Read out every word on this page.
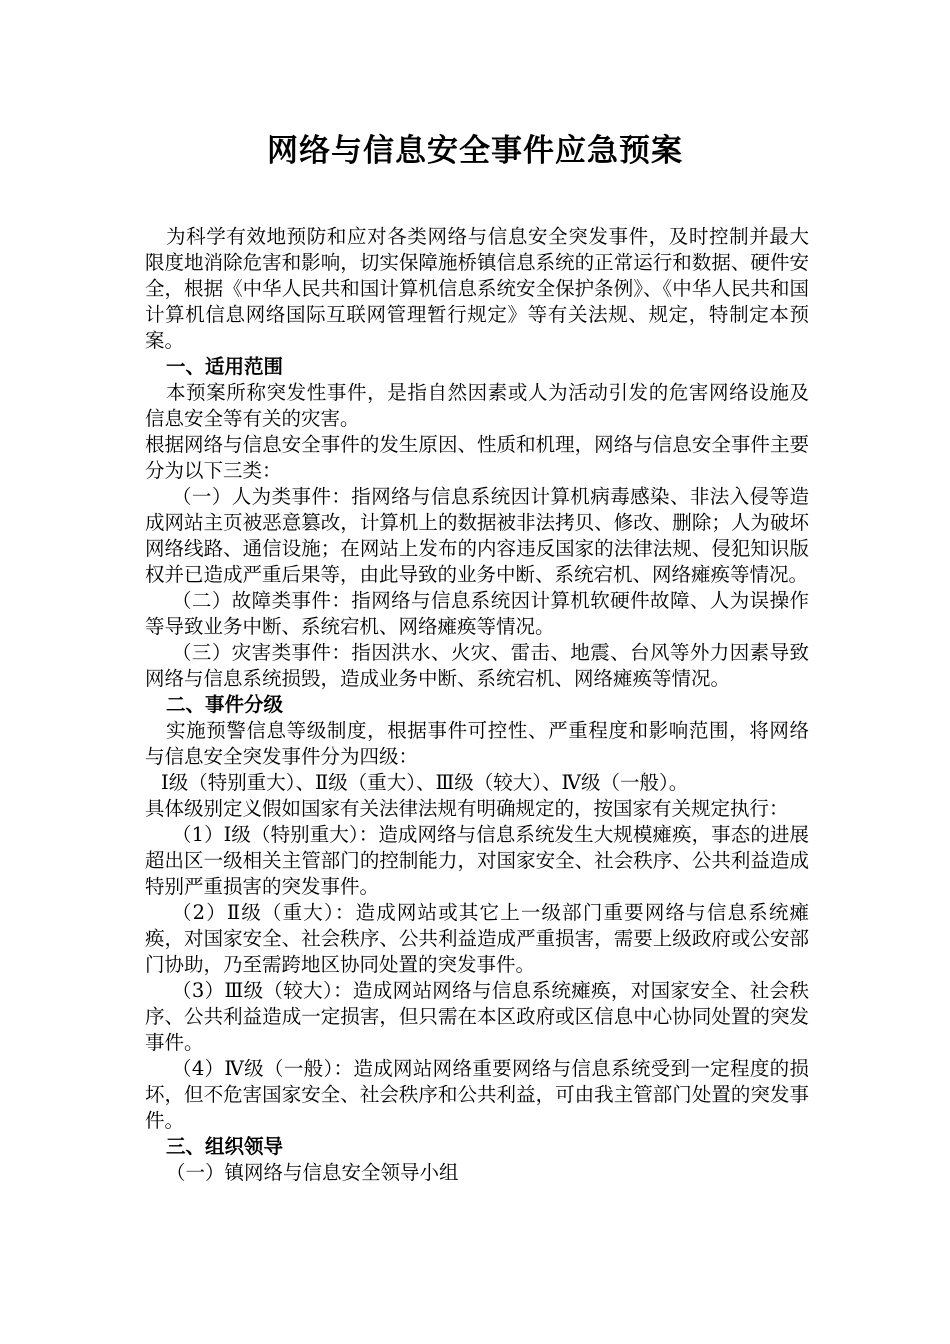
网络与信息安全事件应急预案

为科学有效地预防和应对各类网络与信息安全突发事件，及时控制并最大限度地消除危害和影响，切实保障施桥镇信息系统的正常运行和数据、硬件安全，根据《中华人民共和国计算机信息系统安全保护条例》、《中华人民共和国计算机信息网络国际互联网管理暂行规定》等有关法规、规定，特制定本预案。

一、适用范围

本预案所称突发性事件，是指自然因素或人为活动引发的危害网络设施及信息安全等有关的灾害。

根据网络与信息安全事件的发生原因、性质和机理，网络与信息安全事件主要分为以下三类：

（一）人为类事件：指网络与信息系统因计算机病毒感染、非法入侵等造成网站主页被恶意篡改，计算机上的数据被非法拷贝、修改、删除；人为破坏网络线路、通信设施；在网站上发布的内容违反国家的法律法规、侵犯知识版权并已造成严重后果等，由此导致的业务中断、系统宕机、网络瘫痪等情况。

（二）故障类事件：指网络与信息系统因计算机软硬件故障、人为误操作等导致业务中断、系统宕机、网络瘫痪等情况。

（三）灾害类事件：指因洪水、火灾、雷击、地震、台风等外力因素导致网络与信息系统损毁，造成业务中断、系统宕机、网络瘫痪等情况。

二、事件分级

实施预警信息等级制度，根据事件可控性、严重程度和影响范围，将网络与信息安全突发事件分为四级：

Ⅰ级（特别重大）、Ⅱ级（重大）、Ⅲ级（较大）、Ⅳ级（一般）。

具体级别定义假如国家有关法律法规有明确规定的，按国家有关规定执行：

（1）Ⅰ级（特别重大）：造成网络与信息系统发生大规模瘫痪，事态的进展超出区一级相关主管部门的控制能力，对国家安全、社会秩序、公共利益造成特别严重损害的突发事件。

（2）Ⅱ级（重大）：造成网站或其它上一级部门重要网络与信息系统瘫痪，对国家安全、社会秩序、公共利益造成严重损害，需要上级政府或公安部门协助，乃至需跨地区协同处置的突发事件。

（3）Ⅲ级（较大）：造成网站网络与信息系统瘫痪，对国家安全、社会秩序、公共利益造成一定损害，但只需在本区政府或区信息中心协同处置的突发事件。

（4）Ⅳ级（一般）：造成网站网络重要网络与信息系统受到一定程度的损坏，但不危害国家安全、社会秩序和公共利益，可由我主管部门处置的突发事件。

三、组织领导

（一）镇网络与信息安全领导小组
